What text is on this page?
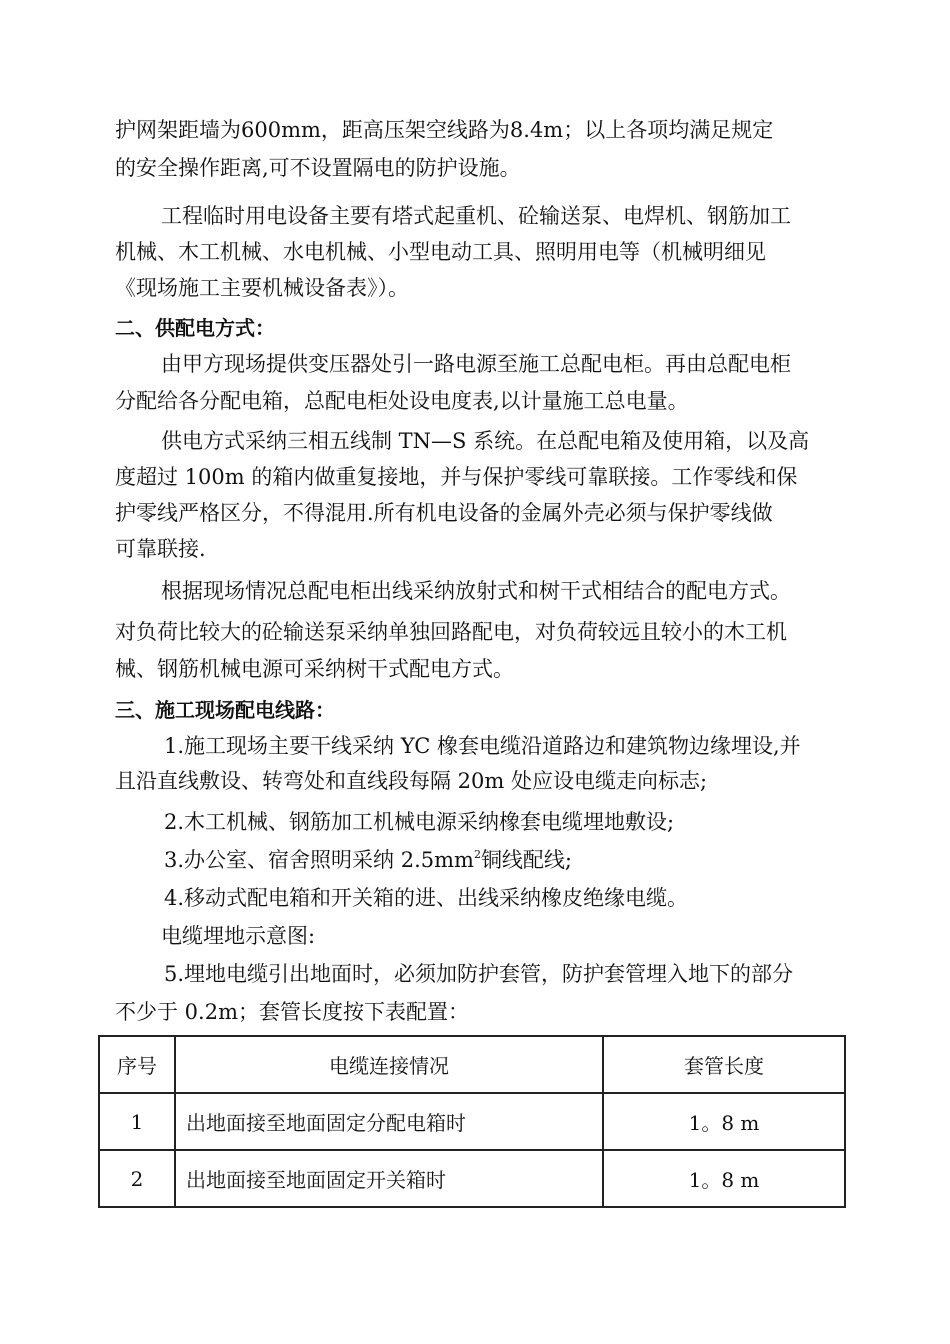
护网架距墙为600mm，距高压架空线路为8.4m；以上各项均满足规定
的安全操作距离,可不设置隔电的防护设施。
工程临时用电设备主要有塔式起重机、砼输送泵、电焊机、钢筋加工
机械、木工机械、水电机械、小型电动工具、照明用电等（机械明细见
《现场施工主要机械设备表》）。
二、供配电方式：
由甲方现场提供变压器处引一路电源至施工总配电柜。再由总配电柜
分配给各分配电箱，总配电柜处设电度表,以计量施工总电量。
供电方式采纳三相五线制 TN—S 系统。在总配电箱及使用箱，以及高
度超过 100m 的箱内做重复接地，并与保护零线可靠联接。工作零线和保
护零线严格区分，不得混用.所有机电设备的金属外壳必须与保护零线做
可靠联接.
根据现场情况总配电柜出线采纳放射式和树干式相结合的配电方式。
对负荷比较大的砼输送泵采纳单独回路配电，对负荷较远且较小的木工机
械、钢筋机械电源可采纳树干式配电方式。
三、施工现场配电线路：
1.施工现场主要干线采纳 YC 橡套电缆沿道路边和建筑物边缘埋设,并
且沿直线敷设、转弯处和直线段每隔 20m 处应设电缆走向标志;
2.木工机械、钢筋加工机械电源采纳橡套电缆埋地敷设;
3.办公室、宿舍照明采纳 $2.5mm^2$铜线配线;
4.移动式配电箱和开关箱的进、出线采纳橡皮绝缘电缆。
电缆埋地示意图:
5.埋地电缆引出地面时，必须加防护套管，防护套管埋入地下的部分
不少于 0.2m；套管长度按下表配置：
序号	电缆连接情况	套管长度
1	出地面接至地面固定分配电箱时	1。8 m
2	出地面接至地面固定开关箱时	1。8 m
